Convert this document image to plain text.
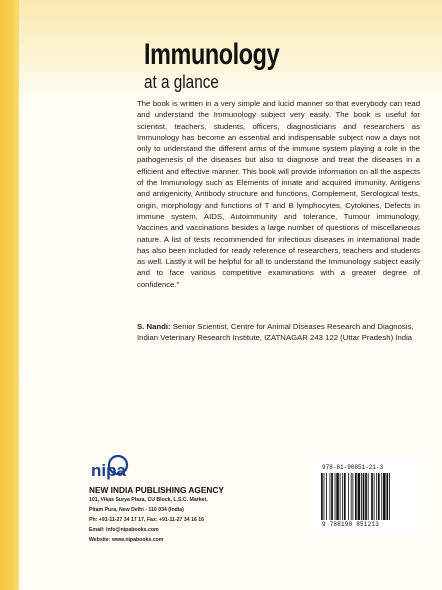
Immunology
at a glance
The book is written in a very simple and lucid manner so that everybody can read and understand the Immunology subject very easily. The book is useful for scientist, teachers, students, officers, diagnosticians and researchers as Immunology has become an essential and indispensable subject now a days not only to understand the different arms of the immune system playing a role in the pathogenesis of the diseases but also to diagnose and treat the diseases in a efficient and effective manner. This book will provide information on all the aspects of the Immunology such as Elements of innate and acquired immunity, Antigens and antigenicity, Antibody structure and functions, Complement, Serological tests, origin, morphology and functions of T and B lymphocytes, Cytokines, Defects in immune system, AIDS, Autoimmunity and tolerance, Tumour immunology, Vaccines and vaccinations besides a large number of questions of miscellaneous nature. A list of tests recommended for infectious diseases in international trade has also been included for ready reference of researchers, teachers and students as well. Lastly it will be helpful for all to understand the Immunology subject easily and to face various competitive examinations with a greater degree of confidence."
S. Nandi: Senior Scientist, Centre for Animal Diseases Research and Diagnosis, Indian Veterinary Research Institute, IZATNAGAR 243 122 (Uttar Pradesh) India
nipa
NEW INDIA PUBLISHING AGENCY
101, Vikas Surya Plaza, CU Block, L.S.C. Market,
Pitam Pura, New Delhi - 110 034 (India)
Ph: +91-11-27 34 17 17, Fax: +91-11-27 34 16 16
Email: info@nipabooks.com
Website: www.nipabooks.com
978-81-90851-21-3
9 788190 851213
